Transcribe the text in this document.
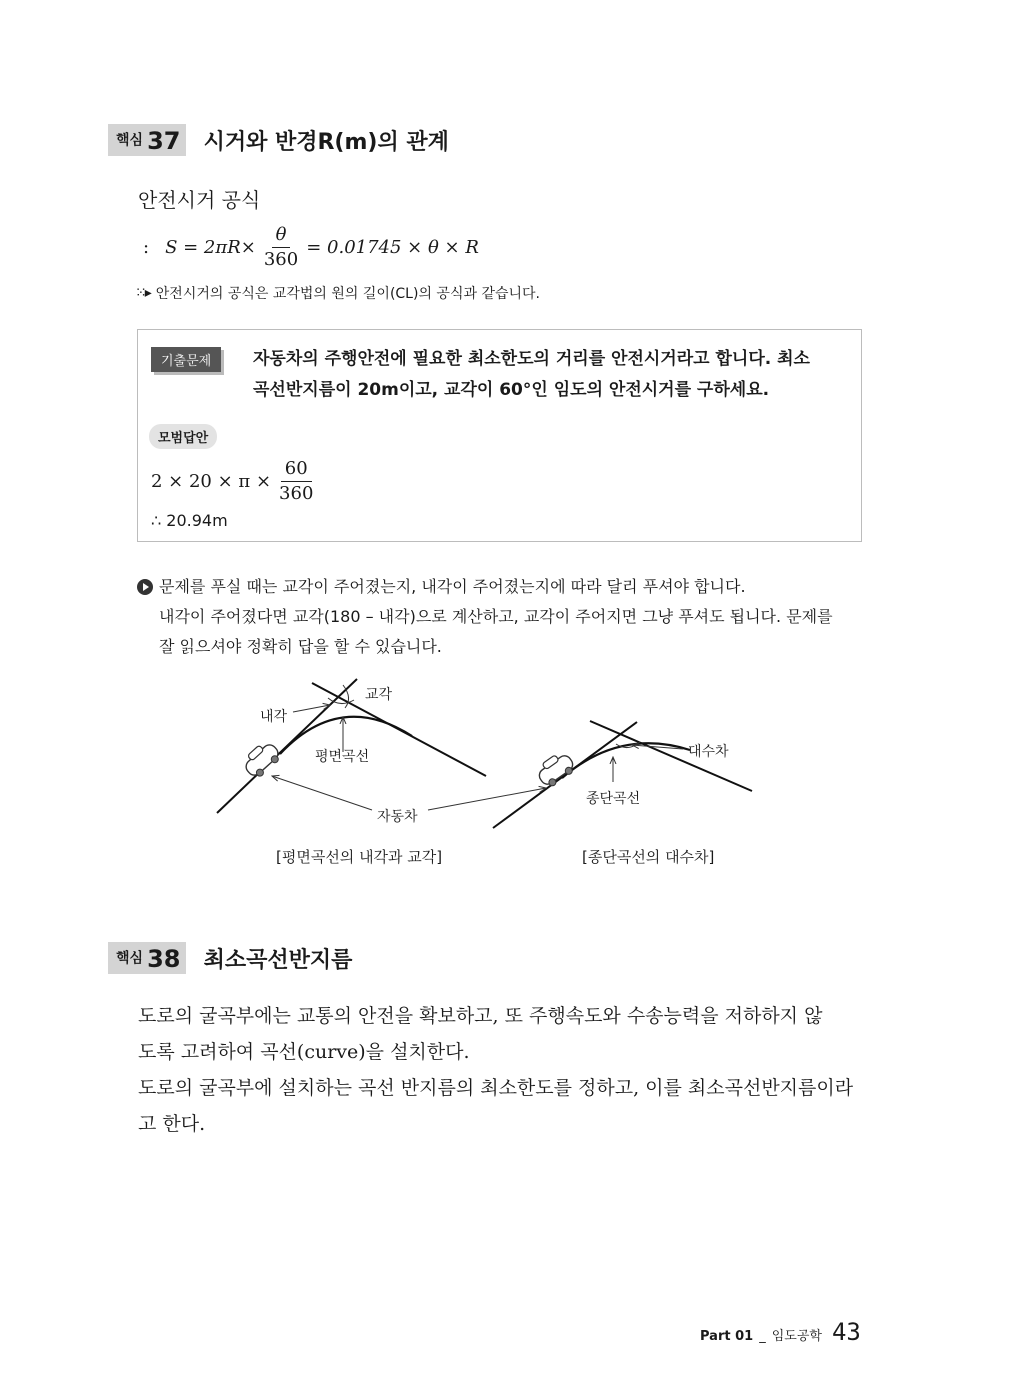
핵심 37 시거와 반경R(m)의 관계
안전시거 공식
: $S = 2\pi R\times \frac{\theta}{360} = 0.01745 \times \theta \times R$
⁙▸ 안전시거의 공식은 교각법의 원의 길이(CL)의 공식과 같습니다.
기출문제	자동차의 주행안전에 필요한 최소한도의 거리를 안전시거라고 합니다. 최소
곡선반지름이 20m이고, 교각이 60°인 임도의 안전시거를 구하세요.
모범답안
$2 \times 20 \times \pi \times \frac{60}{360}$
∴ 20.94m
문제를 푸실 때는 교각이 주어졌는지, 내각이 주어졌는지에 따라 달리 푸셔야 합니다.
내각이 주어졌다면 교각(180 – 내각)으로 계산하고, 교각이 주어지면 그냥 푸셔도 됩니다. 문제를
잘 읽으셔야 정확히 답을 할 수 있습니다.
교각
내각
평면곡선
자동차
대수차
종단곡선
[평면곡선의 내각과 교각]	[종단곡선의 대수차]
핵심 38 최소곡선반지름
도로의 굴곡부에는 교통의 안전을 확보하고, 또 주행속도와 수송능력을 저하하지 않
도록 고려하여 곡선(curve)을 설치한다.
도로의 굴곡부에 설치하는 곡선 반지름의 최소한도를 정하고, 이를 최소곡선반지름이라
고 한다.
Part 01 _ 임도공학 43
